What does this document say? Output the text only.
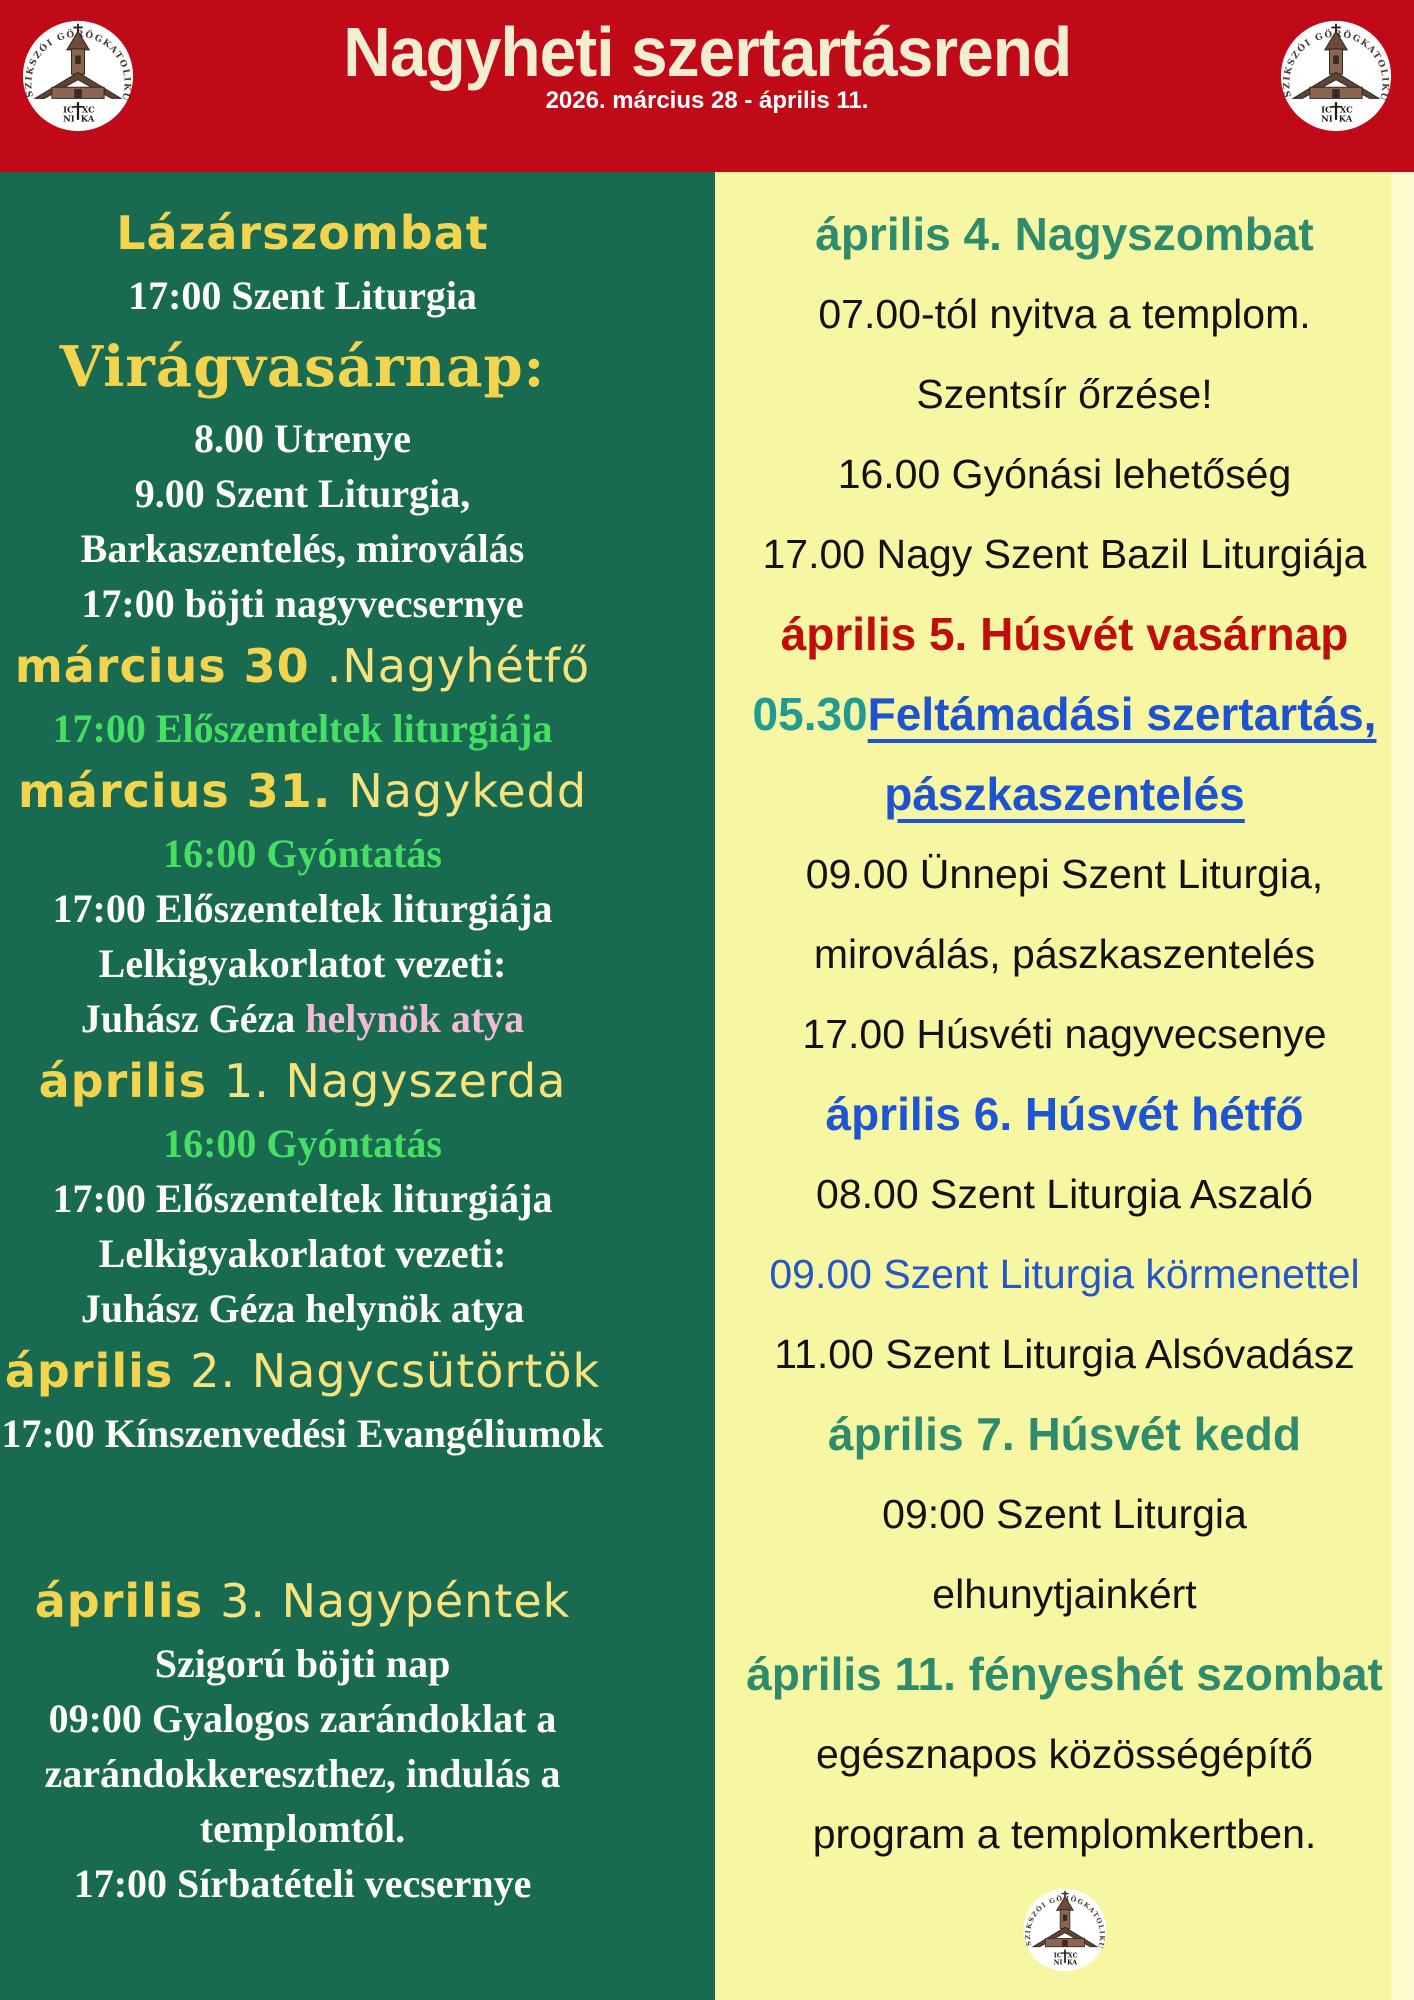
Nagyheti szertartásrend
2026. március 28 - április 11.
Lázárszombat
17:00 Szent Liturgia
Virágvasárnap:
8.00 Utrenye
9.00 Szent Liturgia,
Barkaszentelés, miroválás
17:00 böjti nagyvecsernye
március 30 .Nagyhétfő
17:00 Előszenteltek liturgiája
március 31. Nagykedd
16:00 Gyóntatás
17:00 Előszenteltek liturgiája
Lelkigyakorlatot vezeti:
Juhász Géza helynök atya
április 1. Nagyszerda
16:00 Gyóntatás
17:00 Előszenteltek liturgiája
Lelkigyakorlatot vezeti:
Juhász Géza helynök atya
április 2. Nagycsütörtök
17:00 Kínszenvedési Evangéliumok
április 3. Nagypéntek
Szigorú böjti nap
09:00 Gyalogos zarándoklat a
zarándokkereszthez, indulás a
templomtól.
17:00 Sírbatételi vecsernye
április 4. Nagyszombat
07.00-tól nyitva a templom.
Szentsír őrzése!
16.00 Gyónási lehetőség
17.00 Nagy Szent Bazil Liturgiája
április 5. Húsvét vasárnap
05.30 Feltámadási szertartás,
pászkaszentelés
09.00 Ünnepi Szent Liturgia,
miroválás, pászkaszentelés
17.00 Húsvéti nagyvecsenye
április 6. Húsvét hétfő
08.00 Szent Liturgia Aszaló
09.00 Szent Liturgia körmenettel
11.00 Szent Liturgia Alsóvadász
április 7. Húsvét kedd
09:00 Szent Liturgia
elhunytjainkért
április 11. fényeshét szombat
egésznapos közösségépítő
program a templomkertben.
